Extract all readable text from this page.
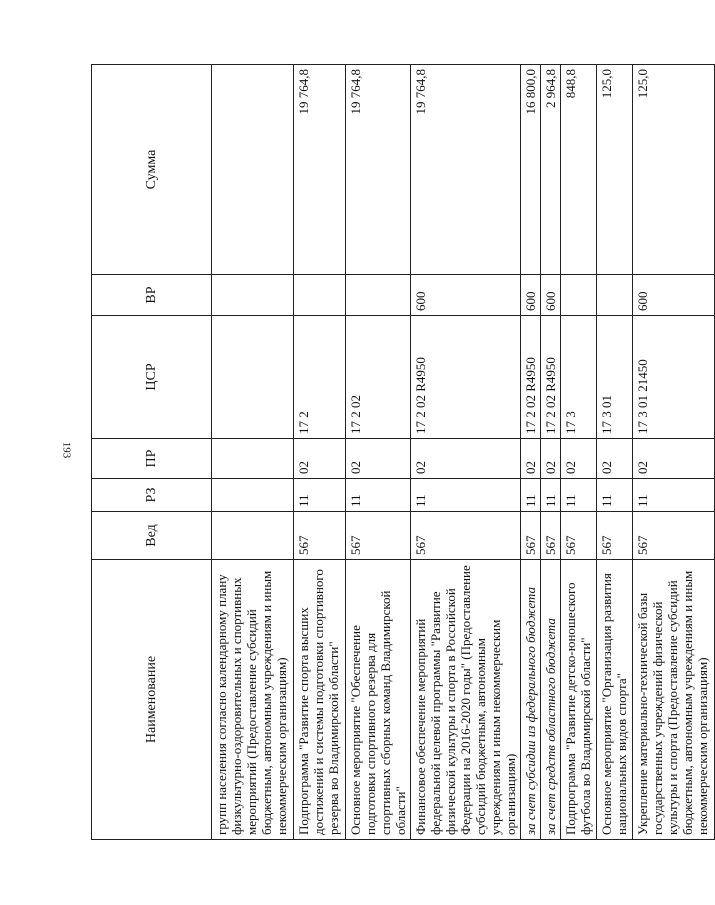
193
Наименование	Вед	РЗ	ПР	ЦСР	ВР	Сумма
групп населения согласно календарному плану физкультурно-оздоровительных и спортивных мероприятий (Предоставление субсидий бюджетным, автономным учреждениям и иным некоммерческим организациям)						
Подпрограмма "Развитие спорта высших достижений и системы подготовки спортивного резерва во Владимирской области"	567	11	02	17 2		19 764,8
Основное мероприятие "Обеспечение подготовки спортивного резерва для спортивных сборных команд Владимирской области"	567	11	02	17 2 02		19 764,8
Финансовое обеспечение мероприятий федеральной целевой программы "Развитие физической культуры и спорта в Российской Федерации на 2016-2020 годы" (Предоставление субсидий бюджетным, автономным учреждениям и иным некоммерческим организациям)	567	11	02	17 2 02 R4950	600	19 764,8
за счет субсидии из федерального бюджета	567	11	02	17 2 02 R4950	600	16 800,0
за счет средств областного бюджета	567	11	02	17 2 02 R4950	600	2 964,8
Подпрограмма "Развитие детско-юношеского футбола во Владимирской области"	567	11	02	17 3		848,8
Основное мероприятие "Организация развития национальных видов спорта"	567	11	02	17 3 01		125,0
Укрепление материально-технической базы государственных учреждений физической культуры и спорта (Предоставление субсидий бюджетным, автономным учреждениям и иным некоммерческим организациям)	567	11	02	17 3 01 21450	600	125,0
